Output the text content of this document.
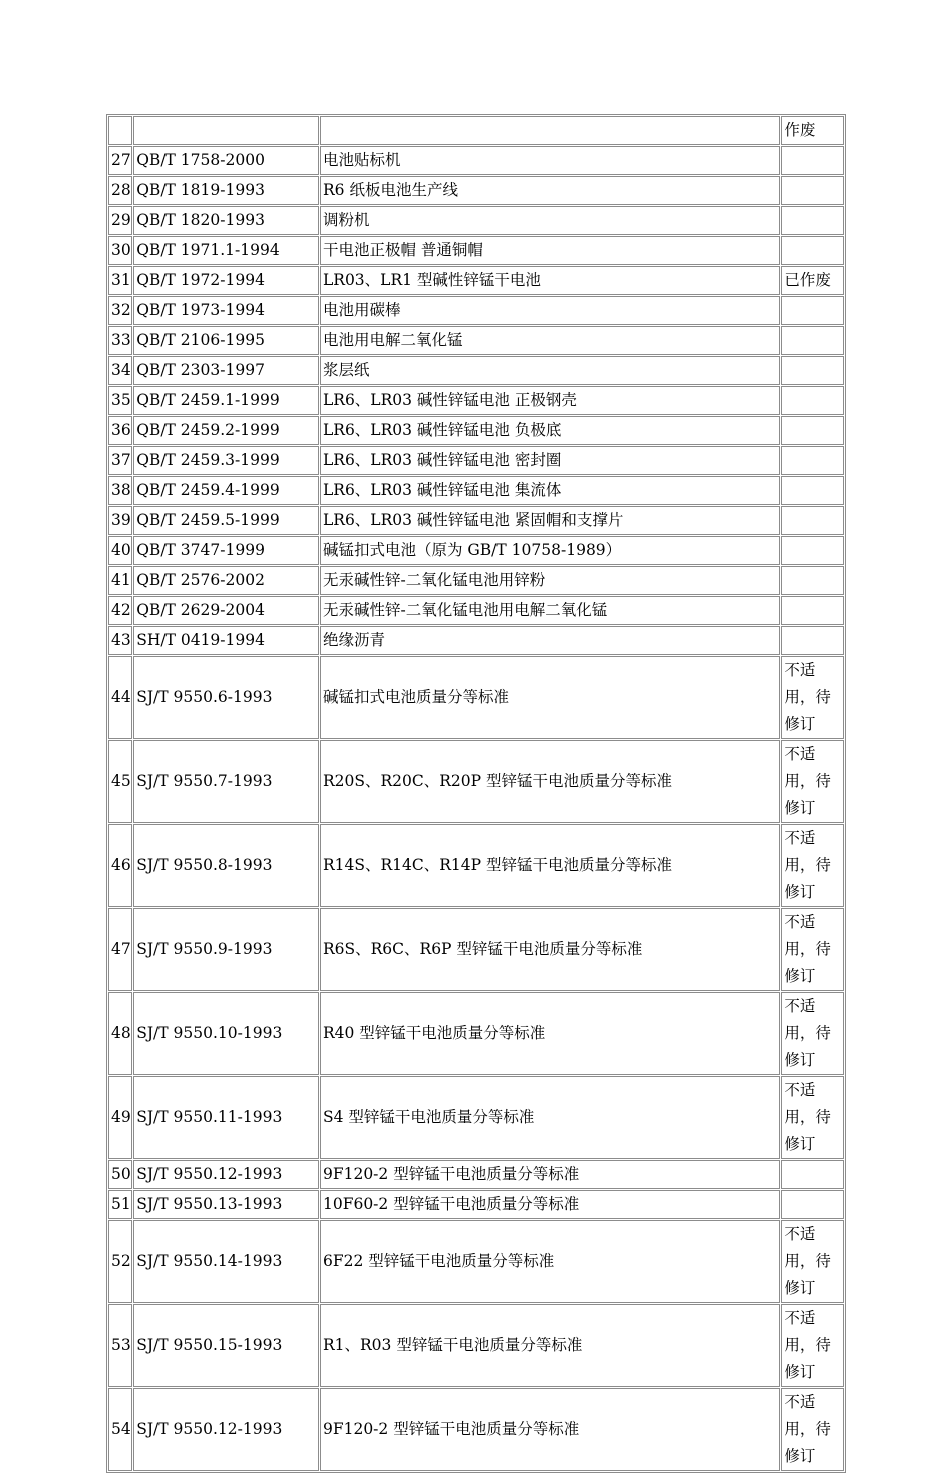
			作废
27	QB/T 1758-2000	电池贴标机	
28	QB/T 1819-1993	R6 纸板电池生产线	
29	QB/T 1820-1993	调粉机	
30	QB/T 1971.1-1994	干电池正极帽 普通铜帽	
31	QB/T 1972-1994	LR03、LR1 型碱性锌锰干电池	已作废
32	QB/T 1973-1994	电池用碳棒	
33	QB/T 2106-1995	电池用电解二氧化锰	
34	QB/T 2303-1997	浆层纸	
35	QB/T 2459.1-1999	LR6、LR03 碱性锌锰电池 正极钢壳	
36	QB/T 2459.2-1999	LR6、LR03 碱性锌锰电池 负极底	
37	QB/T 2459.3-1999	LR6、LR03 碱性锌锰电池 密封圈	
38	QB/T 2459.4-1999	LR6、LR03 碱性锌锰电池 集流体	
39	QB/T 2459.5-1999	LR6、LR03 碱性锌锰电池 紧固帽和支撑片	
40	QB/T 3747-1999	碱锰扣式电池（原为 GB/T 10758-1989）	
41	QB/T 2576-2002	无汞碱性锌-二氧化锰电池用锌粉	
42	QB/T 2629-2004	无汞碱性锌-二氧化锰电池用电解二氧化锰	
43	SH/T 0419-1994	绝缘沥青	
44	SJ/T 9550.6-1993	碱锰扣式电池质量分等标准	不适用，待修订
45	SJ/T 9550.7-1993	R20S、R20C、R20P 型锌锰干电池质量分等标准	不适用，待修订
46	SJ/T 9550.8-1993	R14S、R14C、R14P 型锌锰干电池质量分等标准	不适用，待修订
47	SJ/T 9550.9-1993	R6S、R6C、R6P 型锌锰干电池质量分等标准	不适用，待修订
48	SJ/T 9550.10-1993	R40 型锌锰干电池质量分等标准	不适用，待修订
49	SJ/T 9550.11-1993	S4 型锌锰干电池质量分等标准	不适用，待修订
50	SJ/T 9550.12-1993	9F120-2 型锌锰干电池质量分等标准	
51	SJ/T 9550.13-1993	10F60-2 型锌锰干电池质量分等标准	
52	SJ/T 9550.14-1993	6F22 型锌锰干电池质量分等标准	不适用，待修订
53	SJ/T 9550.15-1993	R1、R03 型锌锰干电池质量分等标准	不适用，待修订
54	SJ/T 9550.12-1993	9F120-2 型锌锰干电池质量分等标准	不适用，待修订
